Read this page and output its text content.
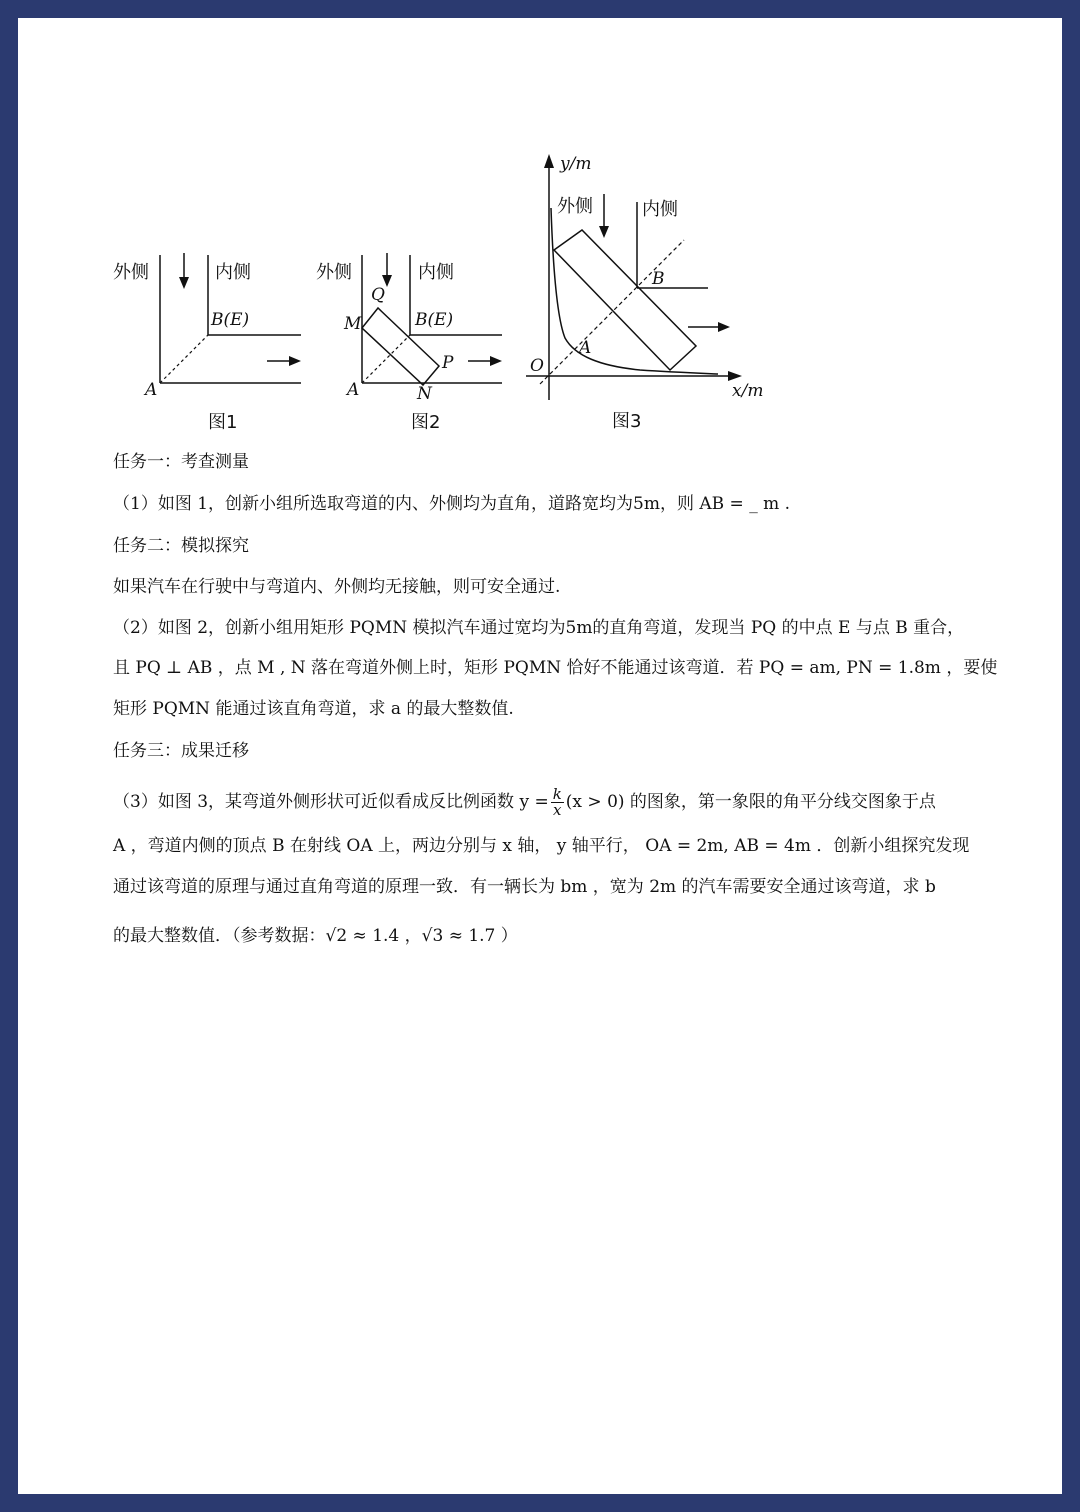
外侧	内侧
B(E)
A
图1
外侧	内侧
Q
M	B(E)
P
A	N
图2
y/m
x/m
外侧	内侧
B
A
O
图3
任务一：考查测量
（1）如图 1，创新小组所选取弯道的内、外侧均为直角，道路宽均为5m，则 AB = _ m .
任务二：模拟探究
如果汽车在行驶中与弯道内、外侧均无接触，则可安全通过.
（2）如图 2，创新小组用矩形 PQMN 模拟汽车通过宽均为5m的直角弯道，发现当 PQ 的中点 E 与点 B 重合，
且 PQ ⊥ AB ，点 M , N 落在弯道外侧上时，矩形 PQMN 恰好不能通过该弯道．若 PQ = am, PN = 1.8m ，要使
矩形 PQMN 能通过该直角弯道，求 a 的最大整数值.
任务三：成果迁移
（3）如图 3，某弯道外侧形状可近似看成反比例函数 $y = \frac{k}{x} (x > 0)$ 的图象，第一象限的角平分线交图象于点
A ，弯道内侧的顶点 B 在射线 OA 上，两边分别与 x 轴， y 轴平行， OA = 2m, AB = 4m ．创新小组探究发现
通过该弯道的原理与通过直角弯道的原理一致．有一辆长为 bm ，宽为 2m 的汽车需要安全通过该弯道，求 b
的最大整数值．（参考数据：√2 ≈ 1.4 ，√3 ≈ 1.7 ）
